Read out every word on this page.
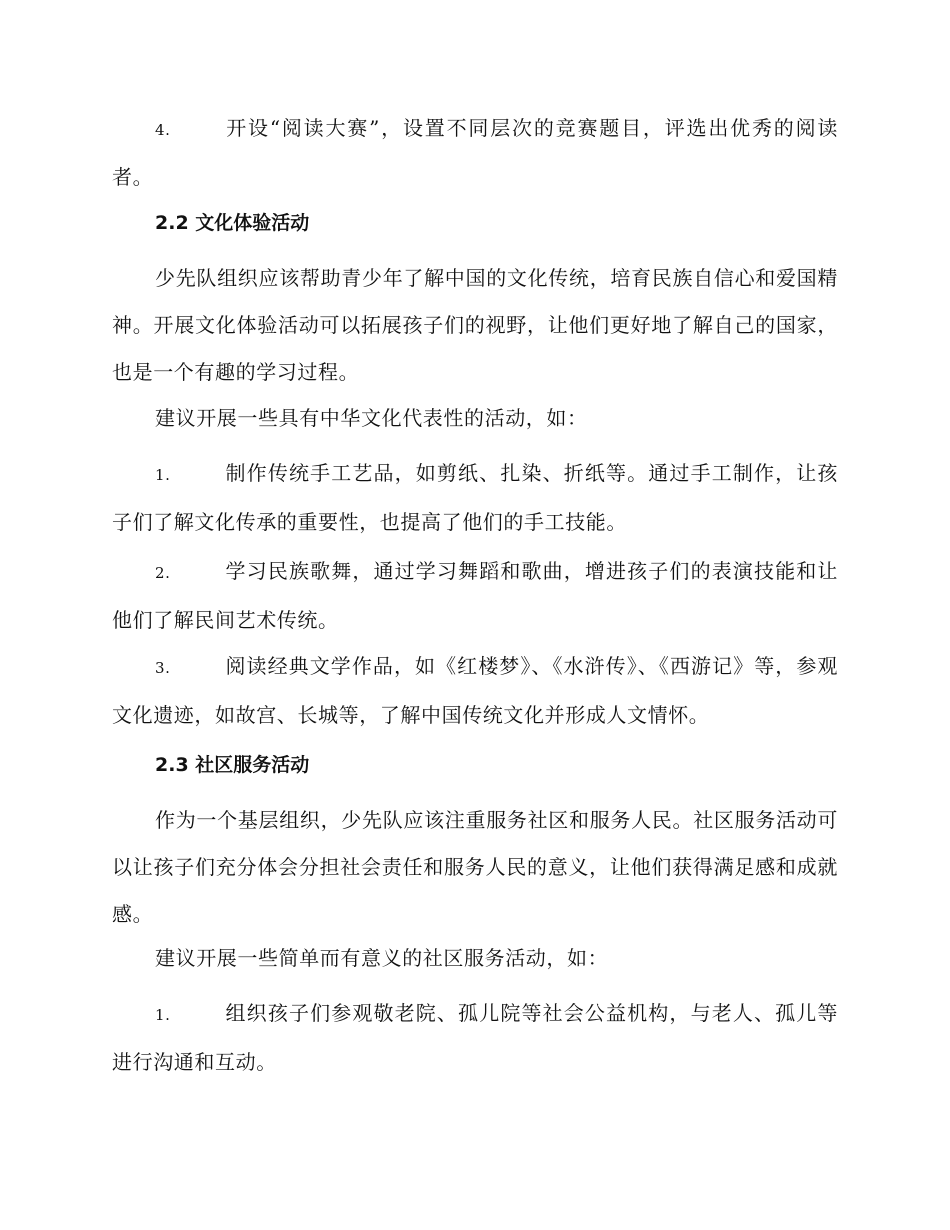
4.	开设“阅读大赛”，设置不同层次的竞赛题目，评选出优秀的阅读者。
2.2 文化体验活动

少先队组织应该帮助青少年了解中国的文化传统，培育民族自信心和爱国精神。开展文化体验活动可以拓展孩子们的视野，让他们更好地了解自己的国家，也是一个有趣的学习过程。

建议开展一些具有中华文化代表性的活动，如：

1.	制作传统手工艺品，如剪纸、扎染、折纸等。通过手工制作，让孩子们了解文化传承的重要性，也提高了他们的手工技能。
2.	学习民族歌舞，通过学习舞蹈和歌曲，增进孩子们的表演技能和让他们了解民间艺术传统。
3.	阅读经典文学作品，如《红楼梦》、《水浒传》、《西游记》等，参观文化遗迹，如故宫、长城等，了解中国传统文化并形成人文情怀。
2.3 社区服务活动

作为一个基层组织，少先队应该注重服务社区和服务人民。社区服务活动可以让孩子们充分体会分担社会责任和服务人民的意义，让他们获得满足感和成就感。

建议开展一些简单而有意义的社区服务活动，如：

1.	组织孩子们参观敬老院、孤儿院等社会公益机构，与老人、孤儿等进行沟通和互动。
